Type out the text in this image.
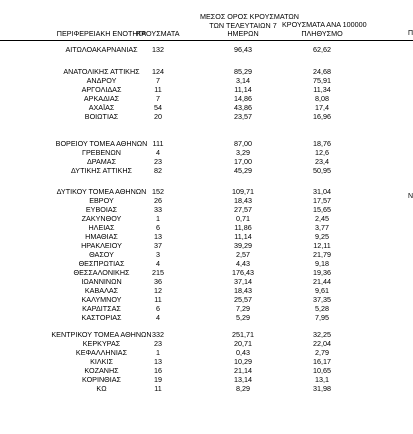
ΠΕΡΙΦΕΡΕΙΑΚΗ ΕΝΟΤΗΤΑ
ΚΡΟΥΣΜΑΤΑ
ΜΕΣΟΣ ΟΡΟΣ ΚΡΟΥΣΜΑΤΩΝ
ΤΩΝ ΤΕΛΕΥΤΑΙΩΝ 7
ΗΜΕΡΩΝ
ΚΡΟΥΣΜΑΤΑ ΑΝΑ 100000
ΠΛΗΘΥΣΜΟ	Π
Ν
ΑΙΤΩΛΟΑΚΑΡΝΑΝΙΑΣ	132	96,43	62,62
ΑΝΑΤΟΛΙΚΗΣ ΑΤΤΙΚΗΣ	124	85,29	24,68
ΑΝΔΡΟΥ	7	3,14	75,91
ΑΡΓΟΛΙΔΑΣ	11	11,14	11,34
ΑΡΚΑΔΙΑΣ	7	14,86	8,08
ΑΧΑΪΑΣ	54	43,86	17,4
ΒΟΙΩΤΙΑΣ	20	23,57	16,96
ΒΟΡΕΙΟΥ ΤΟΜΕΑ ΑΘΗΝΩΝ 111	87,00	18,76
ΓΡΕΒΕΝΩΝ	4	3,29	12,6
ΔΡΑΜΑΣ	23	17,00	23,4
ΔΥΤΙΚΗΣ ΑΤΤΙΚΗΣ	82	45,29	50,95
ΔΥΤΙΚΟΥ ΤΟΜΕΑ ΑΘΗΝΩΝ 152	109,71	31,04
ΕΒΡΟΥ	26	18,43	17,57
ΕΥΒΟΙΑΣ	33	27,57	15,65
ΖΑΚΥΝΘΟΥ	1	0,71	2,45
ΗΛΕΙΑΣ	6	11,86	3,77
ΗΜΑΘΙΑΣ	13	11,14	9,25
ΗΡΑΚΛΕΙΟΥ	37	39,29	12,11
ΘΑΣΟΥ	3	2,57	21,79
ΘΕΣΠΡΩΤΙΑΣ	4	4,43	9,18
ΘΕΣΣΑΛΟΝΙΚΗΣ	215	176,43	19,36
ΙΩΑΝΝΙΝΩΝ	36	37,14	21,44
ΚΑΒΑΛΑΣ	12	18,43	9,61
ΚΑΛΥΜΝΟΥ	11	25,57	37,35
ΚΑΡΔΙΤΣΑΣ	6	7,29	5,28
ΚΑΣΤΟΡΙΑΣ	4	5,29	7,95
ΚΕΝΤΡΙΚΟΥ ΤΟΜΕΑ ΑΘΗΝΩΝ 332	251,71	32,25
ΚΕΡΚΥΡΑΣ	23	20,71	22,04
ΚΕΦΑΛΛΗΝΙΑΣ	1	0,43	2,79
ΚΙΛΚΙΣ	13	10,29	16,17
ΚΟΖΑΝΗΣ	16	21,14	10,65
ΚΟΡΙΝΘΙΑΣ	19	13,14	13,1
ΚΩ	11	8,29	31,98
